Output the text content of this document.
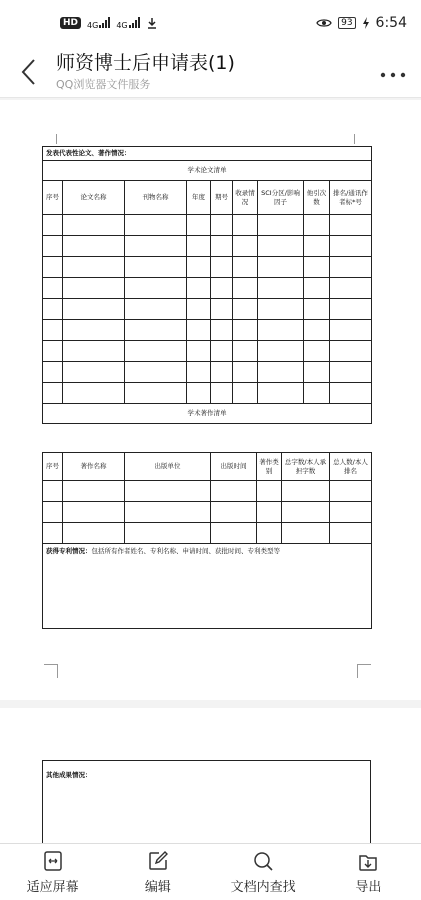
HD	4G	4G	93 6:54
师资博士后申请表(1)
QQ浏览器文件服务
发表代表性论文、著作情况：								
学术论文清单								
序号	论文名称	刊物名称	年度	期号	收录情况	SCI分区/影响因子	他引次数	排名/通讯作者标*号

学术著作清单								
序号	著作名称	出版单位	出版时间	著作类别	总字数/本人承担字数	总人数/本人排名

获得专利情况：包括所有作者姓名、专利名称、申请时间、获批时间、专利类型等						
其他成果情况：
适应屏幕	编辑	文档内查找	导出
